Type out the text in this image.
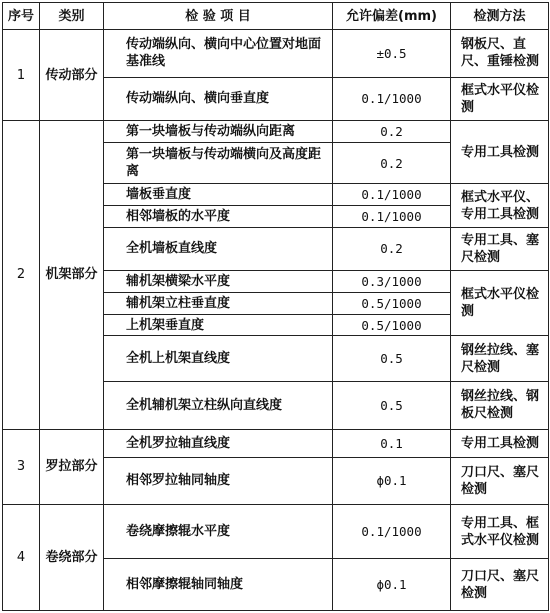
序号	类别	检 验 项 目	允许偏差(mm)	检测方法
1	传动部分	传动端纵向、横向中心位置对地面基准线	±0.5	钢板尺、直尺、重锤检测
		传动端纵向、横向垂直度	0.1/1000	框式水平仪检测
2	机架部分	第一块墙板与传动端纵向距离	0.2	专用工具检测
		第一块墙板与传动端横向及高度距离	0.2	
		墙板垂直度	0.1/1000	框式水平仪、专用工具检测
		相邻墙板的水平度	0.1/1000	
		全机墙板直线度	0.2	专用工具、塞尺检测
		辅机架横梁水平度	0.3/1000	框式水平仪检测
		辅机架立柱垂直度	0.5/1000	
		上机架垂直度	0.5/1000	
		全机上机架直线度	0.5	钢丝拉线、塞尺检测
		全机辅机架立柱纵向直线度	0.5	钢丝拉线、钢板尺检测
3	罗拉部分	全机罗拉轴直线度	0.1	专用工具检测
		相邻罗拉轴同轴度	ϕ0.1	刀口尺、塞尺检测
4	卷绕部分	卷绕摩擦辊水平度	0.1/1000	专用工具、框式水平仪检测
		相邻摩擦辊轴同轴度	ϕ0.1	刀口尺、塞尺检测
